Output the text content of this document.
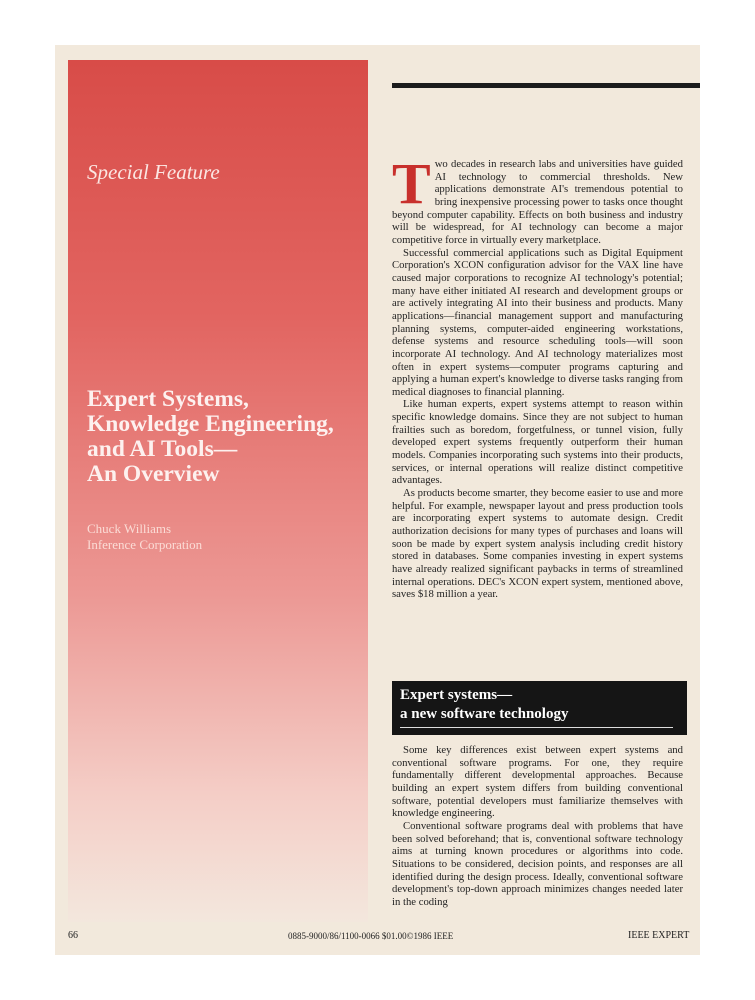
Special Feature
Expert Systems,
Knowledge Engineering,
and AI Tools—
An Overview
Chuck Williams
Inference Corporation

Two decades in research labs and universities have guided AI technology to commercial thresholds. New applications demonstrate AI's tremendous potential to bring inexpensive processing power to tasks once thought beyond computer capability. Effects on both business and industry will be widespread, for AI technology can become a major competitive force in virtually every marketplace.

Successful commercial applications such as Digital Equipment Corporation's XCON configuration advisor for the VAX line have caused major corporations to recognize AI technology's potential; many have either initiated AI research and development groups or are actively integrating AI into their business and products. Many applications—financial management support and manufacturing planning systems, computer-aided engineering workstations, defense systems and resource scheduling tools—will soon incorporate AI technology. And AI technology materializes most often in expert systems—computer programs capturing and applying a human expert's knowledge to diverse tasks ranging from medical diagnoses to financial planning.

Like human experts, expert systems attempt to reason within specific knowledge domains. Since they are not subject to human frailties such as boredom, forgetfulness, or tunnel vision, fully developed expert systems frequently outperform their human models. Companies incorporating such systems into their products, services, or internal operations will realize distinct competitive advantages.

As products become smarter, they become easier to use and more helpful. For example, newspaper layout and press production tools are incorporating expert systems to automate design. Credit authorization decisions for many types of purchases and loans will soon be made by expert system analysis including credit history stored in databases. Some companies investing in expert systems have already realized significant paybacks in terms of streamlined internal operations. DEC's XCON expert system, mentioned above, saves $18 million a year.

Expert systems—
a new software technology

Some key differences exist between expert systems and conventional software programs. For one, they require fundamentally different developmental approaches. Because building an expert system differs from building conventional software, potential developers must familiarize themselves with knowledge engineering.

Conventional software programs deal with problems that have been solved beforehand; that is, conventional software technology aims at turning known procedures or algorithms into code. Situations to be considered, decision points, and responses are all identified during the design process. Ideally, conventional software development's top-down approach minimizes changes needed later in the coding

66	0885-9000/86/1100-0066 $01.00©1986 IEEE	IEEE EXPERT
